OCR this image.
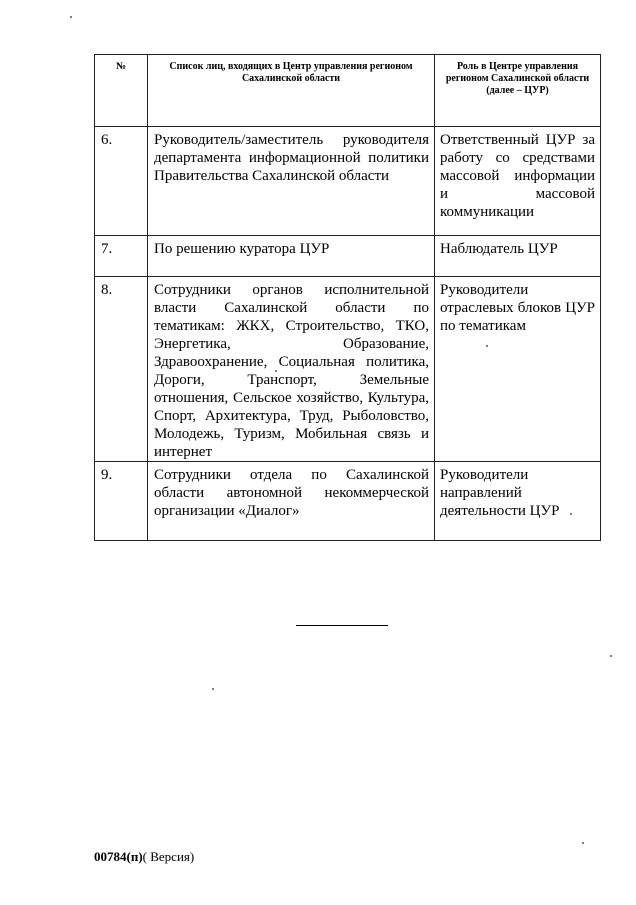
№	Список лиц, входящих в Центр управления регионом Сахалинской области	Роль в Центре управления регионом Сахалинской области (далее – ЦУР)
6.	Руководитель/заместитель руководителя департамента информационной политики Правительства Сахалинской области	Ответственный ЦУР за работу со средствами массовой информации и массовой коммуникации
7.	По решению куратора ЦУР	Наблюдатель ЦУР
8.	Сотрудники органов исполнительной власти Сахалинской области по тематикам: ЖКХ, Строительство, ТКО, Энергетика, Образование, Здравоохранение, Социальная политика, Дороги, Транспорт, Земельные отношения, Сельское хозяйство, Культура, Спорт, Архитектура, Труд, Рыболовство, Молодежь, Туризм, Мобильная связь и интернет	Руководители отраслевых блоков ЦУР по тематикам
9.	Сотрудники отдела по Сахалинской области автономной некоммерческой организации «Диалог»	Руководители направлений деятельности ЦУР
00784(п)( Версия)
